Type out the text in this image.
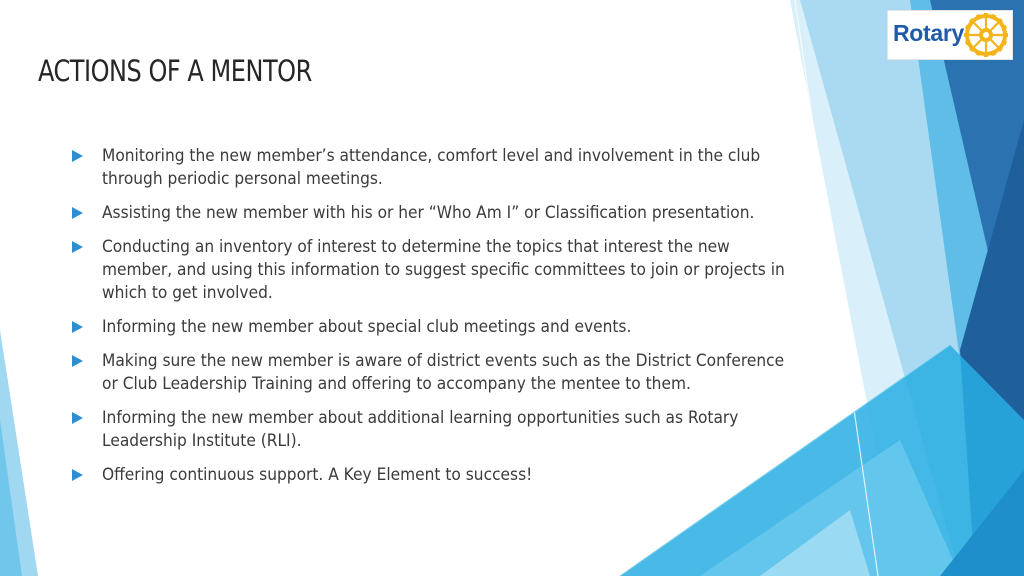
ACTIONS OF A MENTOR
Monitoring the new member’s attendance, comfort level and involvement in the club through periodic personal meetings.
Assisting the new member with his or her “Who Am I” or Classification presentation.
Conducting an inventory of interest to determine the topics that interest the new member, and using this information to suggest specific committees to join or projects in which to get involved.
Informing the new member about special club meetings and events.
Making sure the new member is aware of district events such as the District Conference or Club Leadership Training and offering to accompany the mentee to them.
Informing the new member about additional learning opportunities such as Rotary Leadership Institute (RLI).
Offering continuous support. A Key Element to success!
Rotary
